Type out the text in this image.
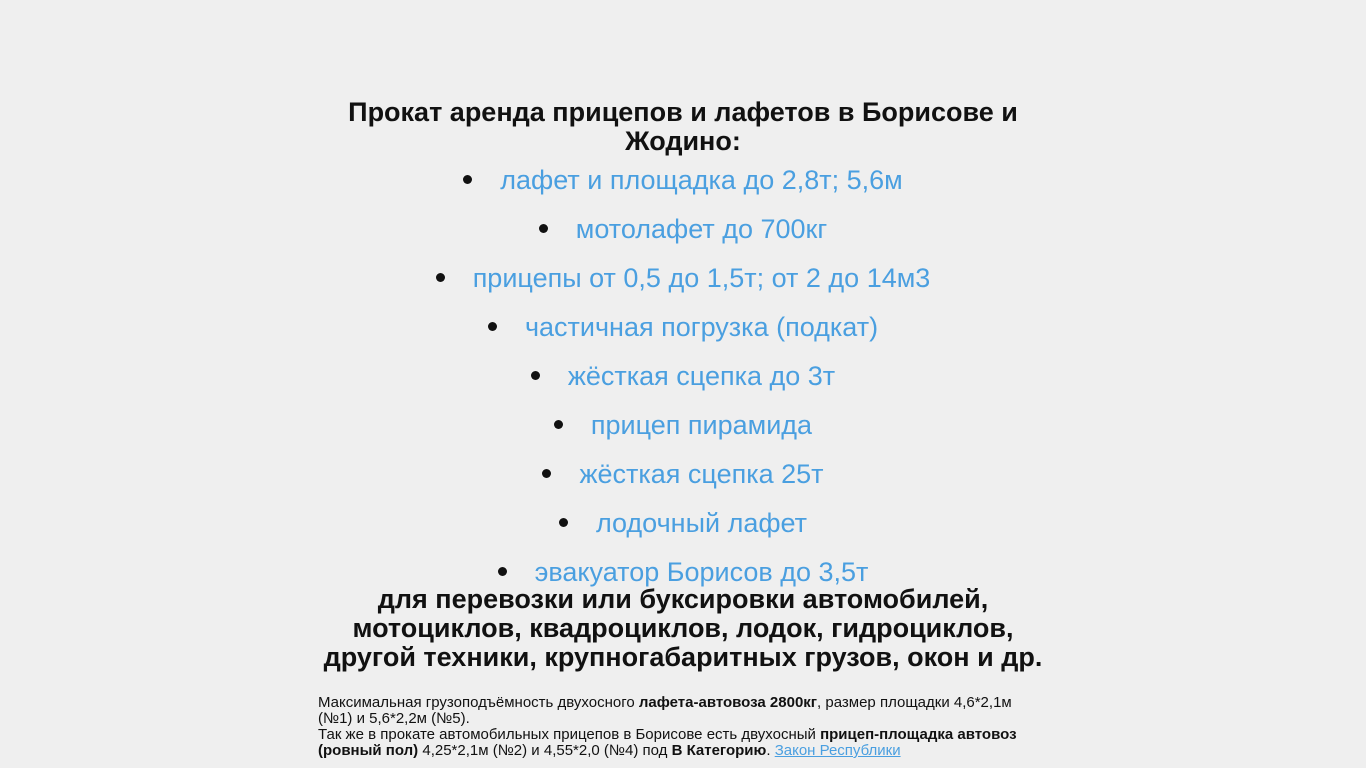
Прокат аренда прицепов и лафетов в Борисове и Жодино:
лафет и площадка до 2,8т; 5,6м
мотолафет до 700кг
прицепы от 0,5 до 1,5т; от 2 до 14м3
частичная погрузка (подкат)
жёсткая сцепка до 3т
прицеп пирамида
жёсткая сцепка 25т
лодочный лафет
эвакуатор Борисов до 3,5т

для перевозки или буксировки автомобилей, мотоциклов, квадроциклов, лодок, гидроциклов, другой техники, крупногабаритных грузов, окон и др.

Максимальная грузоподъёмность двухосного лафета-автовоза 2800кг, размер площадки 4,6*2,1м (№1) и 5,6*2,2м (№5).

Так же в прокате автомобильных прицепов в Борисове есть двухосный прицеп-площадка автовоз (ровный пол) 4,25*2,1м (№2) и 4,55*2,0 (№4) под В Категорию. Закон Республики
